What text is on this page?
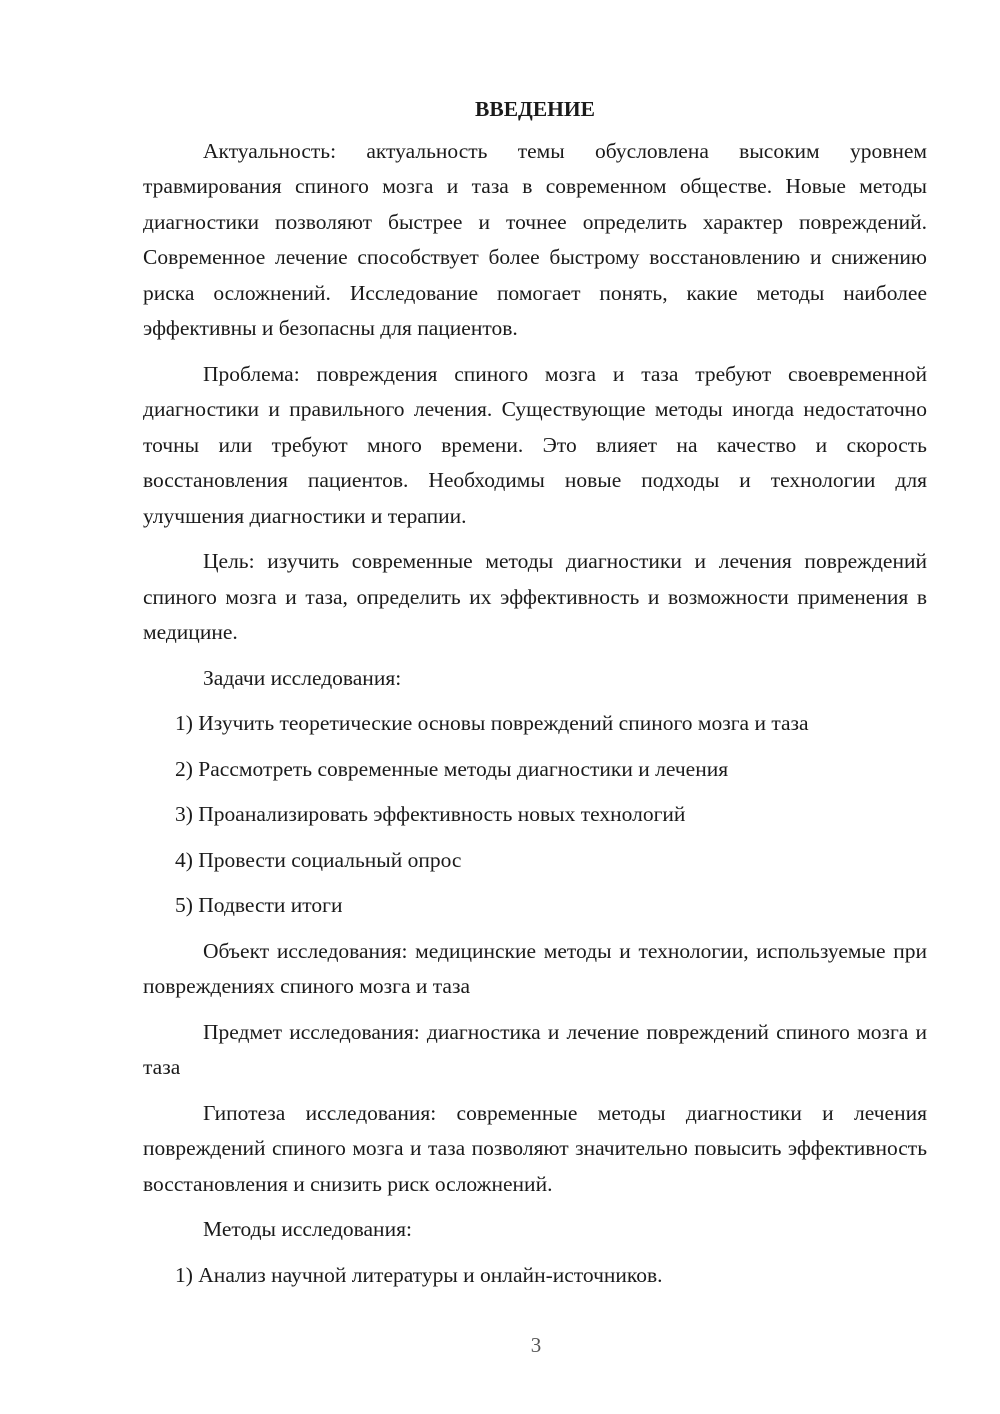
ВВЕДЕНИЕ

Актуальность: актуальность темы обусловлена высоким уровнем травмирования спиного мозга и таза в современном обществе. Новые методы диагностики позволяют быстрее и точнее определить характер повреждений. Современное лечение способствует более быстрому восстановлению и снижению риска осложнений. Исследование помогает понять, какие методы наиболее эффективны и безопасны для пациентов.

Проблема: повреждения спиного мозга и таза требуют своевременной диагностики и правильного лечения. Существующие методы иногда недостаточно точны или требуют много времени. Это влияет на качество и скорость восстановления пациентов. Необходимы новые подходы и технологии для улучшения диагностики и терапии.

Цель: изучить современные методы диагностики и лечения повреждений спиного мозга и таза, определить их эффективность и возможности применения в медицине.

Задачи исследования:

1) Изучить теоретические основы повреждений спиного мозга и таза

2) Рассмотреть современные методы диагностики и лечения

3) Проанализировать эффективность новых технологий

4) Провести социальный опрос

5) Подвести итоги

Объект исследования: медицинские методы и технологии, используемые при повреждениях спиного мозга и таза

Предмет исследования: диагностика и лечение повреждений спиного мозга и таза

Гипотеза исследования: современные методы диагностики и лечения повреждений спиного мозга и таза позволяют значительно повысить эффективность восстановления и снизить риск осложнений.

Методы исследования:

1) Анализ научной литературы и онлайн-источников.

3
